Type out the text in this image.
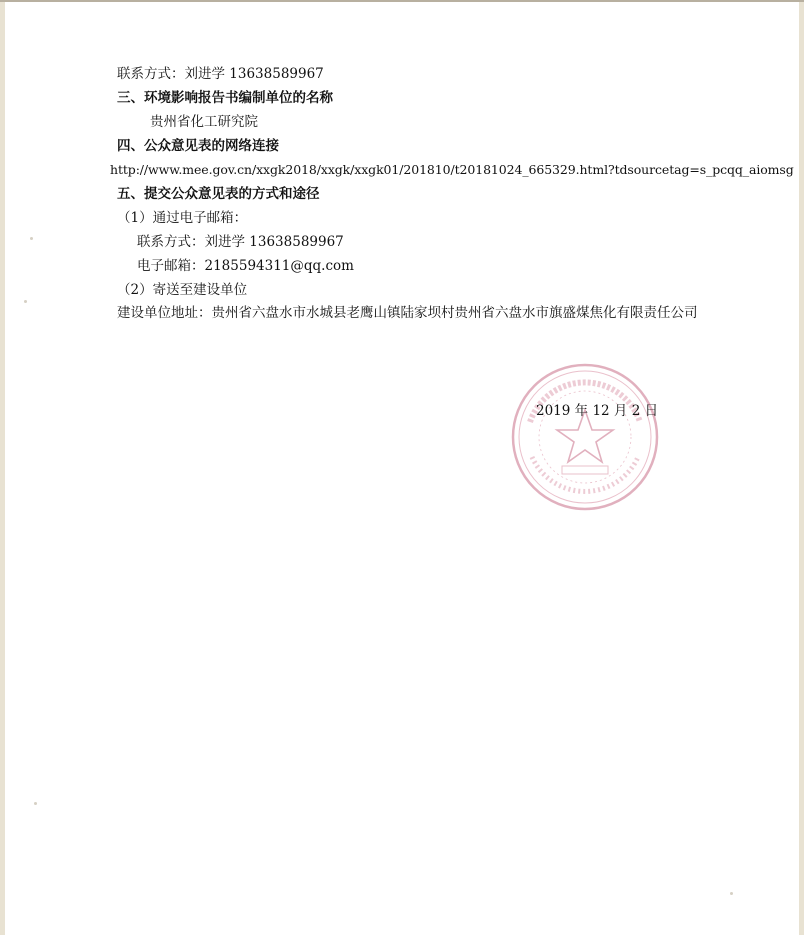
联系方式：刘进学 13638589967
三、环境影响报告书编制单位的名称
贵州省化工研究院
四、公众意见表的网络连接
http://www.mee.gov.cn/xxgk2018/xxgk/xxgk01/201810/t20181024_665329.html?tdsourcetag=s_pcqq_aiomsg
五、提交公众意见表的方式和途径
（1）通过电子邮箱：
联系方式：刘进学 13638589967
电子邮箱：2185594311@qq.com
（2）寄送至建设单位
建设单位地址：贵州省六盘水市水城县老鹰山镇陆家坝村贵州省六盘水市旗盛煤焦化有限责任公司
2019 年 12 月 2 日
